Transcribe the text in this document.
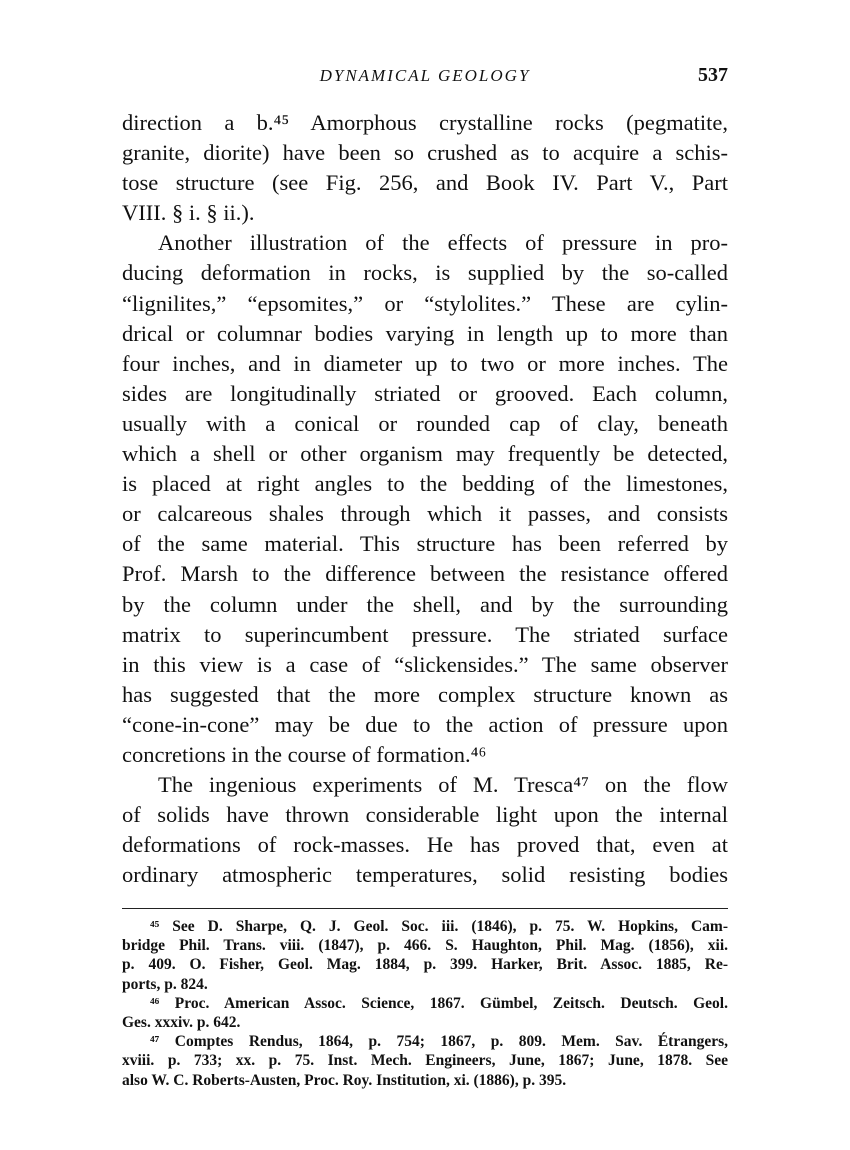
DYNAMICAL GEOLOGY	537
direction a b.⁴⁵ Amorphous crystalline rocks (pegmatite,
granite, diorite) have been so crushed as to acquire a schis-
tose structure (see Fig. 256, and Book IV. Part V., Part
VIII. § i. § ii.).
Another illustration of the effects of pressure in pro-
ducing deformation in rocks, is supplied by the so-called
“lignilites,” “epsomites,” or “stylolites.” These are cylin-
drical or columnar bodies varying in length up to more than
four inches, and in diameter up to two or more inches. The
sides are longitudinally striated or grooved. Each column,
usually with a conical or rounded cap of clay, beneath
which a shell or other organism may frequently be detected,
is placed at right angles to the bedding of the limestones,
or calcareous shales through which it passes, and consists
of the same material. This structure has been referred by
Prof. Marsh to the difference between the resistance offered
by the column under the shell, and by the surrounding
matrix to superincumbent pressure. The striated surface
in this view is a case of “slickensides.” The same observer
has suggested that the more complex structure known as
“cone-in-cone” may be due to the action of pressure upon
concretions in the course of formation.⁴⁶
The ingenious experiments of M. Tresca⁴⁷ on the flow
of solids have thrown considerable light upon the internal
deformations of rock-masses. He has proved that, even at
ordinary atmospheric temperatures, solid resisting bodies
⁴⁵ See D. Sharpe, Q. J. Geol. Soc. iii. (1846), p. 75. W. Hopkins, Cam-
bridge Phil. Trans. viii. (1847), p. 466. S. Haughton, Phil. Mag. (1856), xii.
p. 409. O. Fisher, Geol. Mag. 1884, p. 399. Harker, Brit. Assoc. 1885, Re-
ports, p. 824.
⁴⁶ Proc. American Assoc. Science, 1867. Gümbel, Zeitsch. Deutsch. Geol.
Ges. xxxiv. p. 642.
⁴⁷ Comptes Rendus, 1864, p. 754; 1867, p. 809. Mem. Sav. Étrangers,
xviii. p. 733; xx. p. 75. Inst. Mech. Engineers, June, 1867; June, 1878. See
also W. C. Roberts-Austen, Proc. Roy. Institution, xi. (1886), p. 395.
